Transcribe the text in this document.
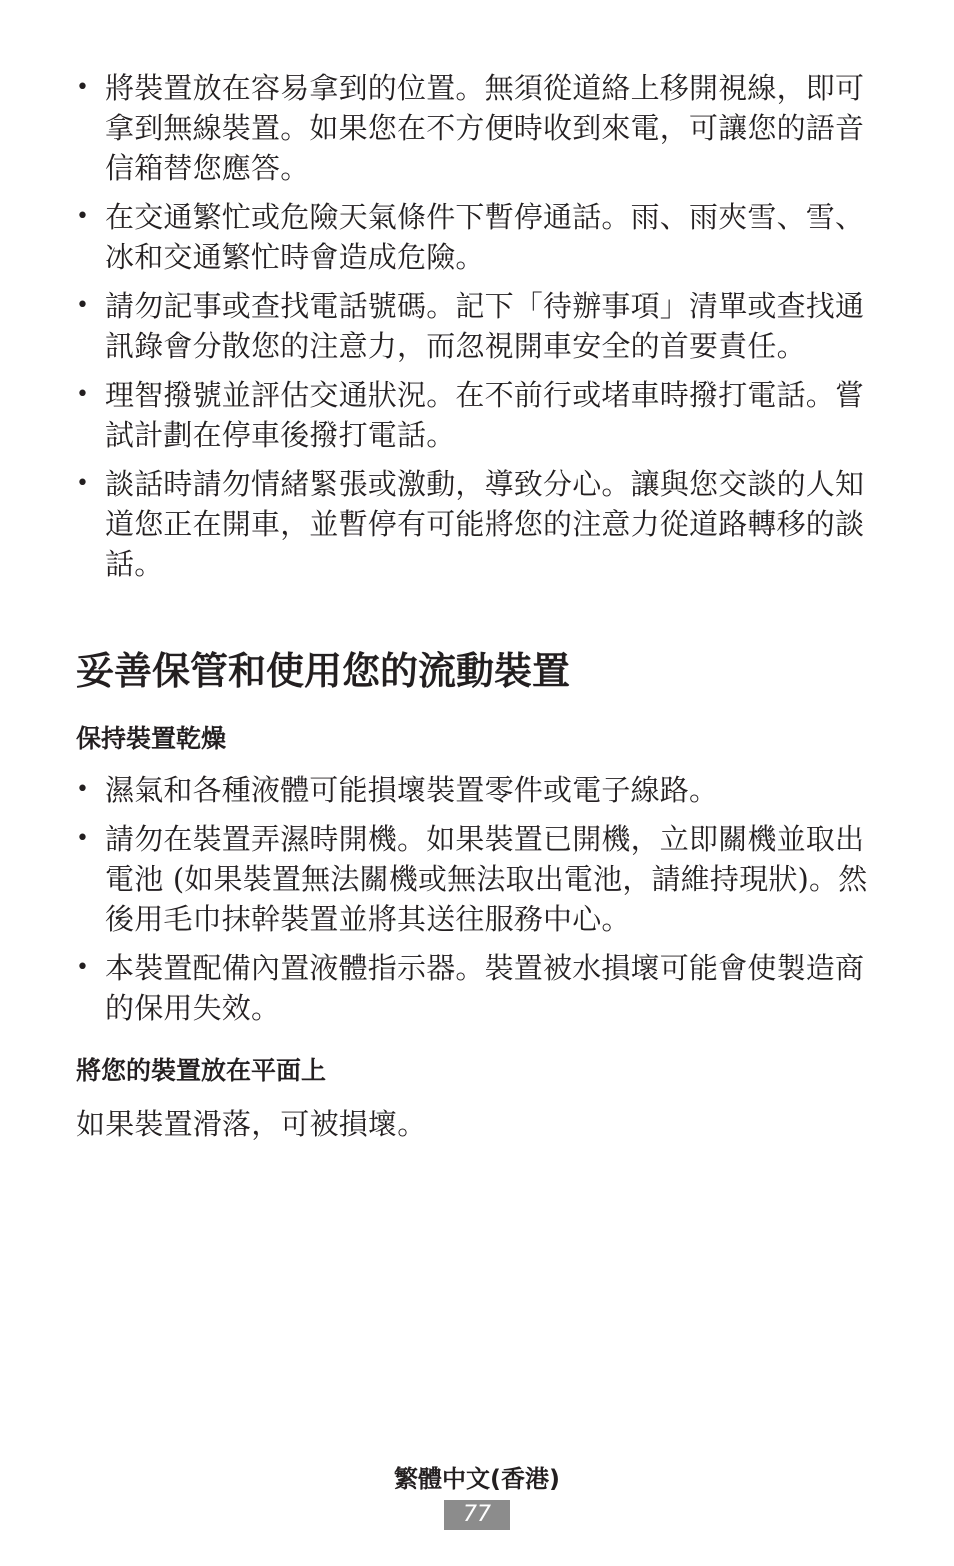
• 將裝置放在容易拿到的位置。無須從道絡上移開視線，即可拿到無線裝置。如果您在不方便時收到來電，可讓您的語音信箱替您應答。
• 在交通繁忙或危險天氣條件下暫停通話。雨、雨夾雪、雪、冰和交通繁忙時會造成危險。
• 請勿記事或查找電話號碼。記下「待辦事項」清單或查找通訊錄會分散您的注意力，而忽視開車安全的首要責任。
• 理智撥號並評估交通狀況。在不前行或堵車時撥打電話。嘗試計劃在停車後撥打電話。
• 談話時請勿情緒緊張或激動，導致分心。讓與您交談的人知道您正在開車，並暫停有可能將您的注意力從道路轉移的談話。
妥善保管和使用您的流動裝置
保持裝置乾燥
• 濕氣和各種液體可能損壞裝置零件或電子線路。
• 請勿在裝置弄濕時開機。如果裝置已開機，立即關機並取出電池 (如果裝置無法關機或無法取出電池，請維持現狀)。然後用毛巾抹幹裝置並將其送往服務中心。
• 本裝置配備內置液體指示器。裝置被水損壞可能會使製造商的保用失效。
將您的裝置放在平面上

如果裝置滑落，可被損壞。

繁體中文(香港)
77
